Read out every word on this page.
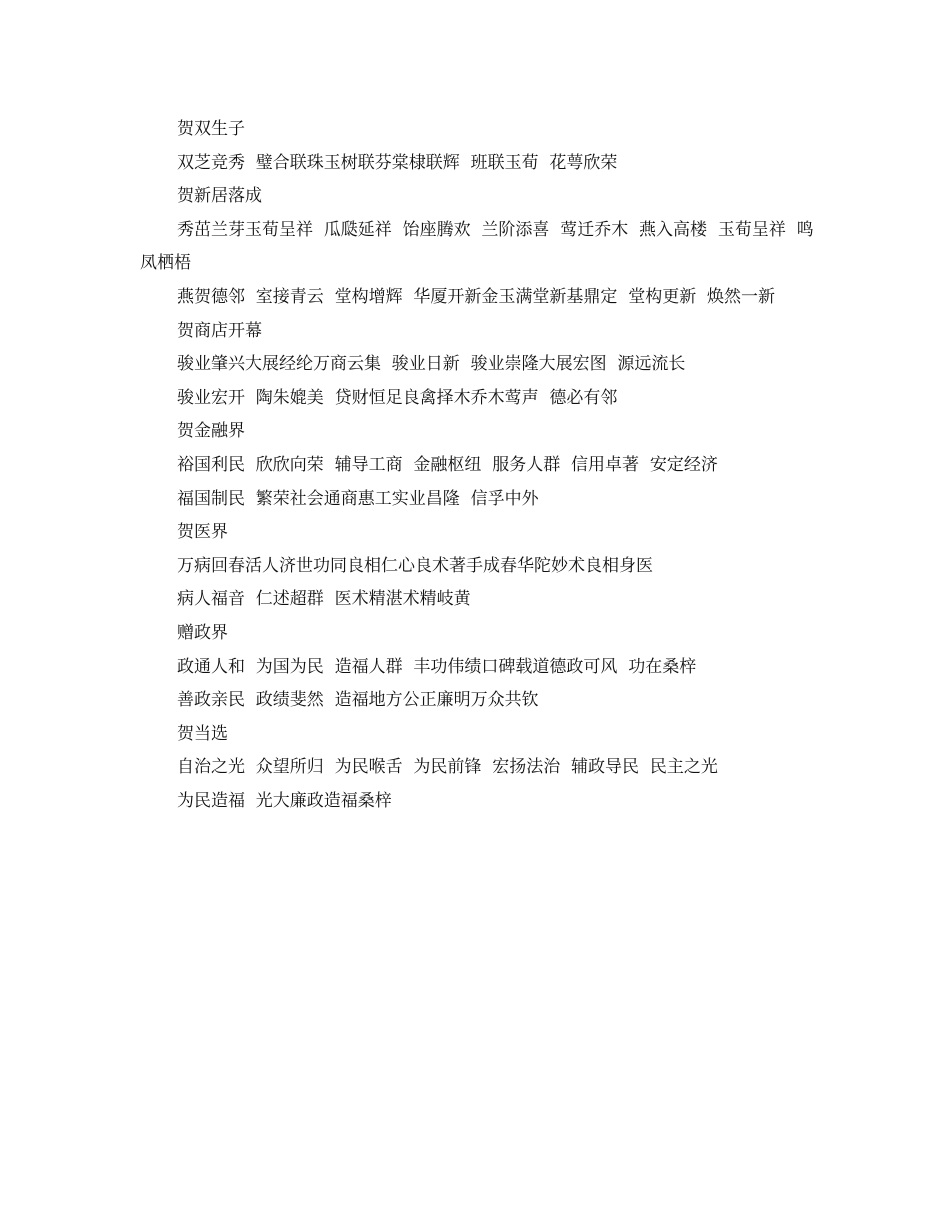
贺双生子

双芝竞秀  璧合联珠玉树联芬棠棣联辉  班联玉荀  花萼欣荣

贺新居落成

秀茁兰芽玉荀呈祥  瓜瓞延祥  饴座腾欢  兰阶添喜  莺迁乔木  燕入高楼  玉荀呈祥  鸣凤栖梧

燕贺德邻  室接青云  堂构增辉  华厦开新金玉满堂新基鼎定  堂构更新  焕然一新

贺商店开幕

骏业肇兴大展经纶万商云集  骏业日新  骏业崇隆大展宏图  源远流长

骏业宏开  陶朱媲美  贷财恒足良禽择木乔木莺声  德必有邻

贺金融界

裕国利民  欣欣向荣  辅导工商  金融枢纽  服务人群  信用卓著  安定经济

福国制民  繁荣社会通商惠工实业昌隆  信孚中外

贺医界

万病回春活人济世功同良相仁心良术著手成春华陀妙术良相身医

病人福音  仁述超群  医术精湛术精岐黄

赠政界

政通人和  为国为民  造福人群  丰功伟绩口碑载道德政可风  功在桑梓

善政亲民  政绩斐然  造福地方公正廉明万众共钦

贺当选

自治之光  众望所归  为民喉舌  为民前锋  宏扬法治  辅政导民  民主之光

为民造福  光大廉政造福桑梓
